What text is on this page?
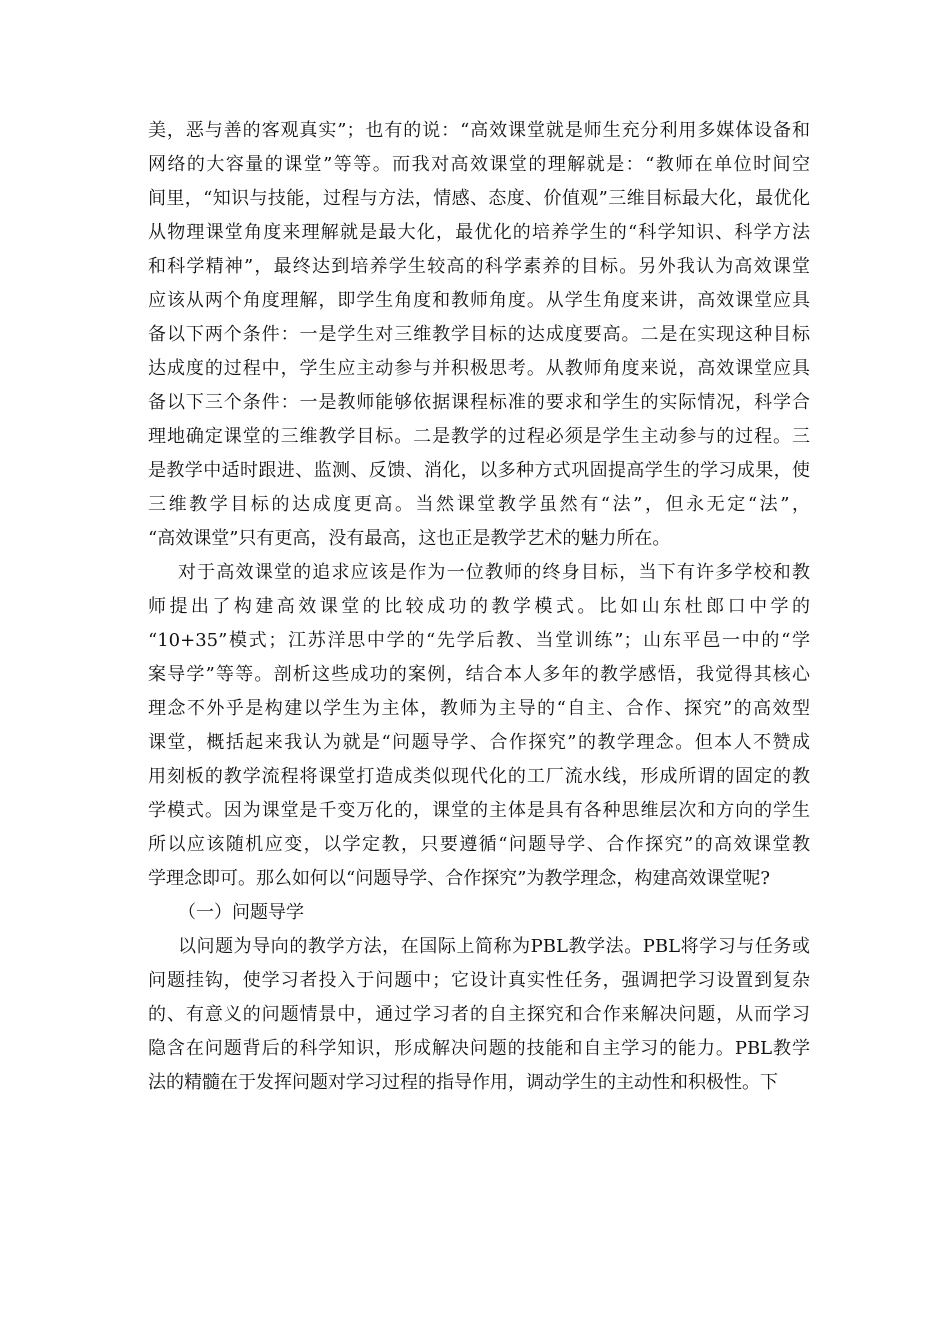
美，恶与善的客观真实”；也有的说：“高效课堂就是师生充分利用多媒体设备和
网络的大容量的课堂”等等。而我对高效课堂的理解就是：“教师在单位时间空
间里，“知识与技能，过程与方法，情感、态度、价值观”三维目标最大化，最优化
从物理课堂角度来理解就是最大化，最优化的培养学生的“科学知识、科学方法
和科学精神”，最终达到培养学生较高的科学素养的目标。另外我认为高效课堂
应该从两个角度理解，即学生角度和教师角度。从学生角度来讲，高效课堂应具
备以下两个条件：一是学生对三维教学目标的达成度要高。二是在实现这种目标
达成度的过程中，学生应主动参与并积极思考。从教师角度来说，高效课堂应具
备以下三个条件：一是教师能够依据课程标准的要求和学生的实际情况，科学合
理地确定课堂的三维教学目标。二是教学的过程必须是学生主动参与的过程。三
是教学中适时跟进、监测、反馈、消化，以多种方式巩固提高学生的学习成果，使
三维教学目标的达成度更高。当然课堂教学虽然有“法”，但永无定“法”，
“高效课堂”只有更高，没有最高，这也正是教学艺术的魅力所在。
对于高效课堂的追求应该是作为一位教师的终身目标，当下有许多学校和教
师提出了构建高效课堂的比较成功的教学模式。比如山东杜郎口中学的
“10+35”模式；江苏洋思中学的“先学后教、当堂训练”；山东平邑一中的“学
案导学”等等。剖析这些成功的案例，结合本人多年的教学感悟，我觉得其核心
理念不外乎是构建以学生为主体，教师为主导的“自主、合作、探究”的高效型
课堂，概括起来我认为就是“问题导学、合作探究”的教学理念。但本人不赞成
用刻板的教学流程将课堂打造成类似现代化的工厂流水线，形成所谓的固定的教
学模式。因为课堂是千变万化的，课堂的主体是具有各种思维层次和方向的学生
所以应该随机应变，以学定教，只要遵循“问题导学、合作探究”的高效课堂教
学理念即可。那么如何以“问题导学、合作探究”为教学理念，构建高效课堂呢?
（一）问题导学
以问题为导向的教学方法，在国际上简称为PBL教学法。PBL将学习与任务或
问题挂钩，使学习者投入于问题中；它设计真实性任务，强调把学习设置到复杂
的、有意义的问题情景中，通过学习者的自主探究和合作来解决问题，从而学习
隐含在问题背后的科学知识，形成解决问题的技能和自主学习的能力。PBL教学
法的精髓在于发挥问题对学习过程的指导作用，调动学生的主动性和积极性。下
